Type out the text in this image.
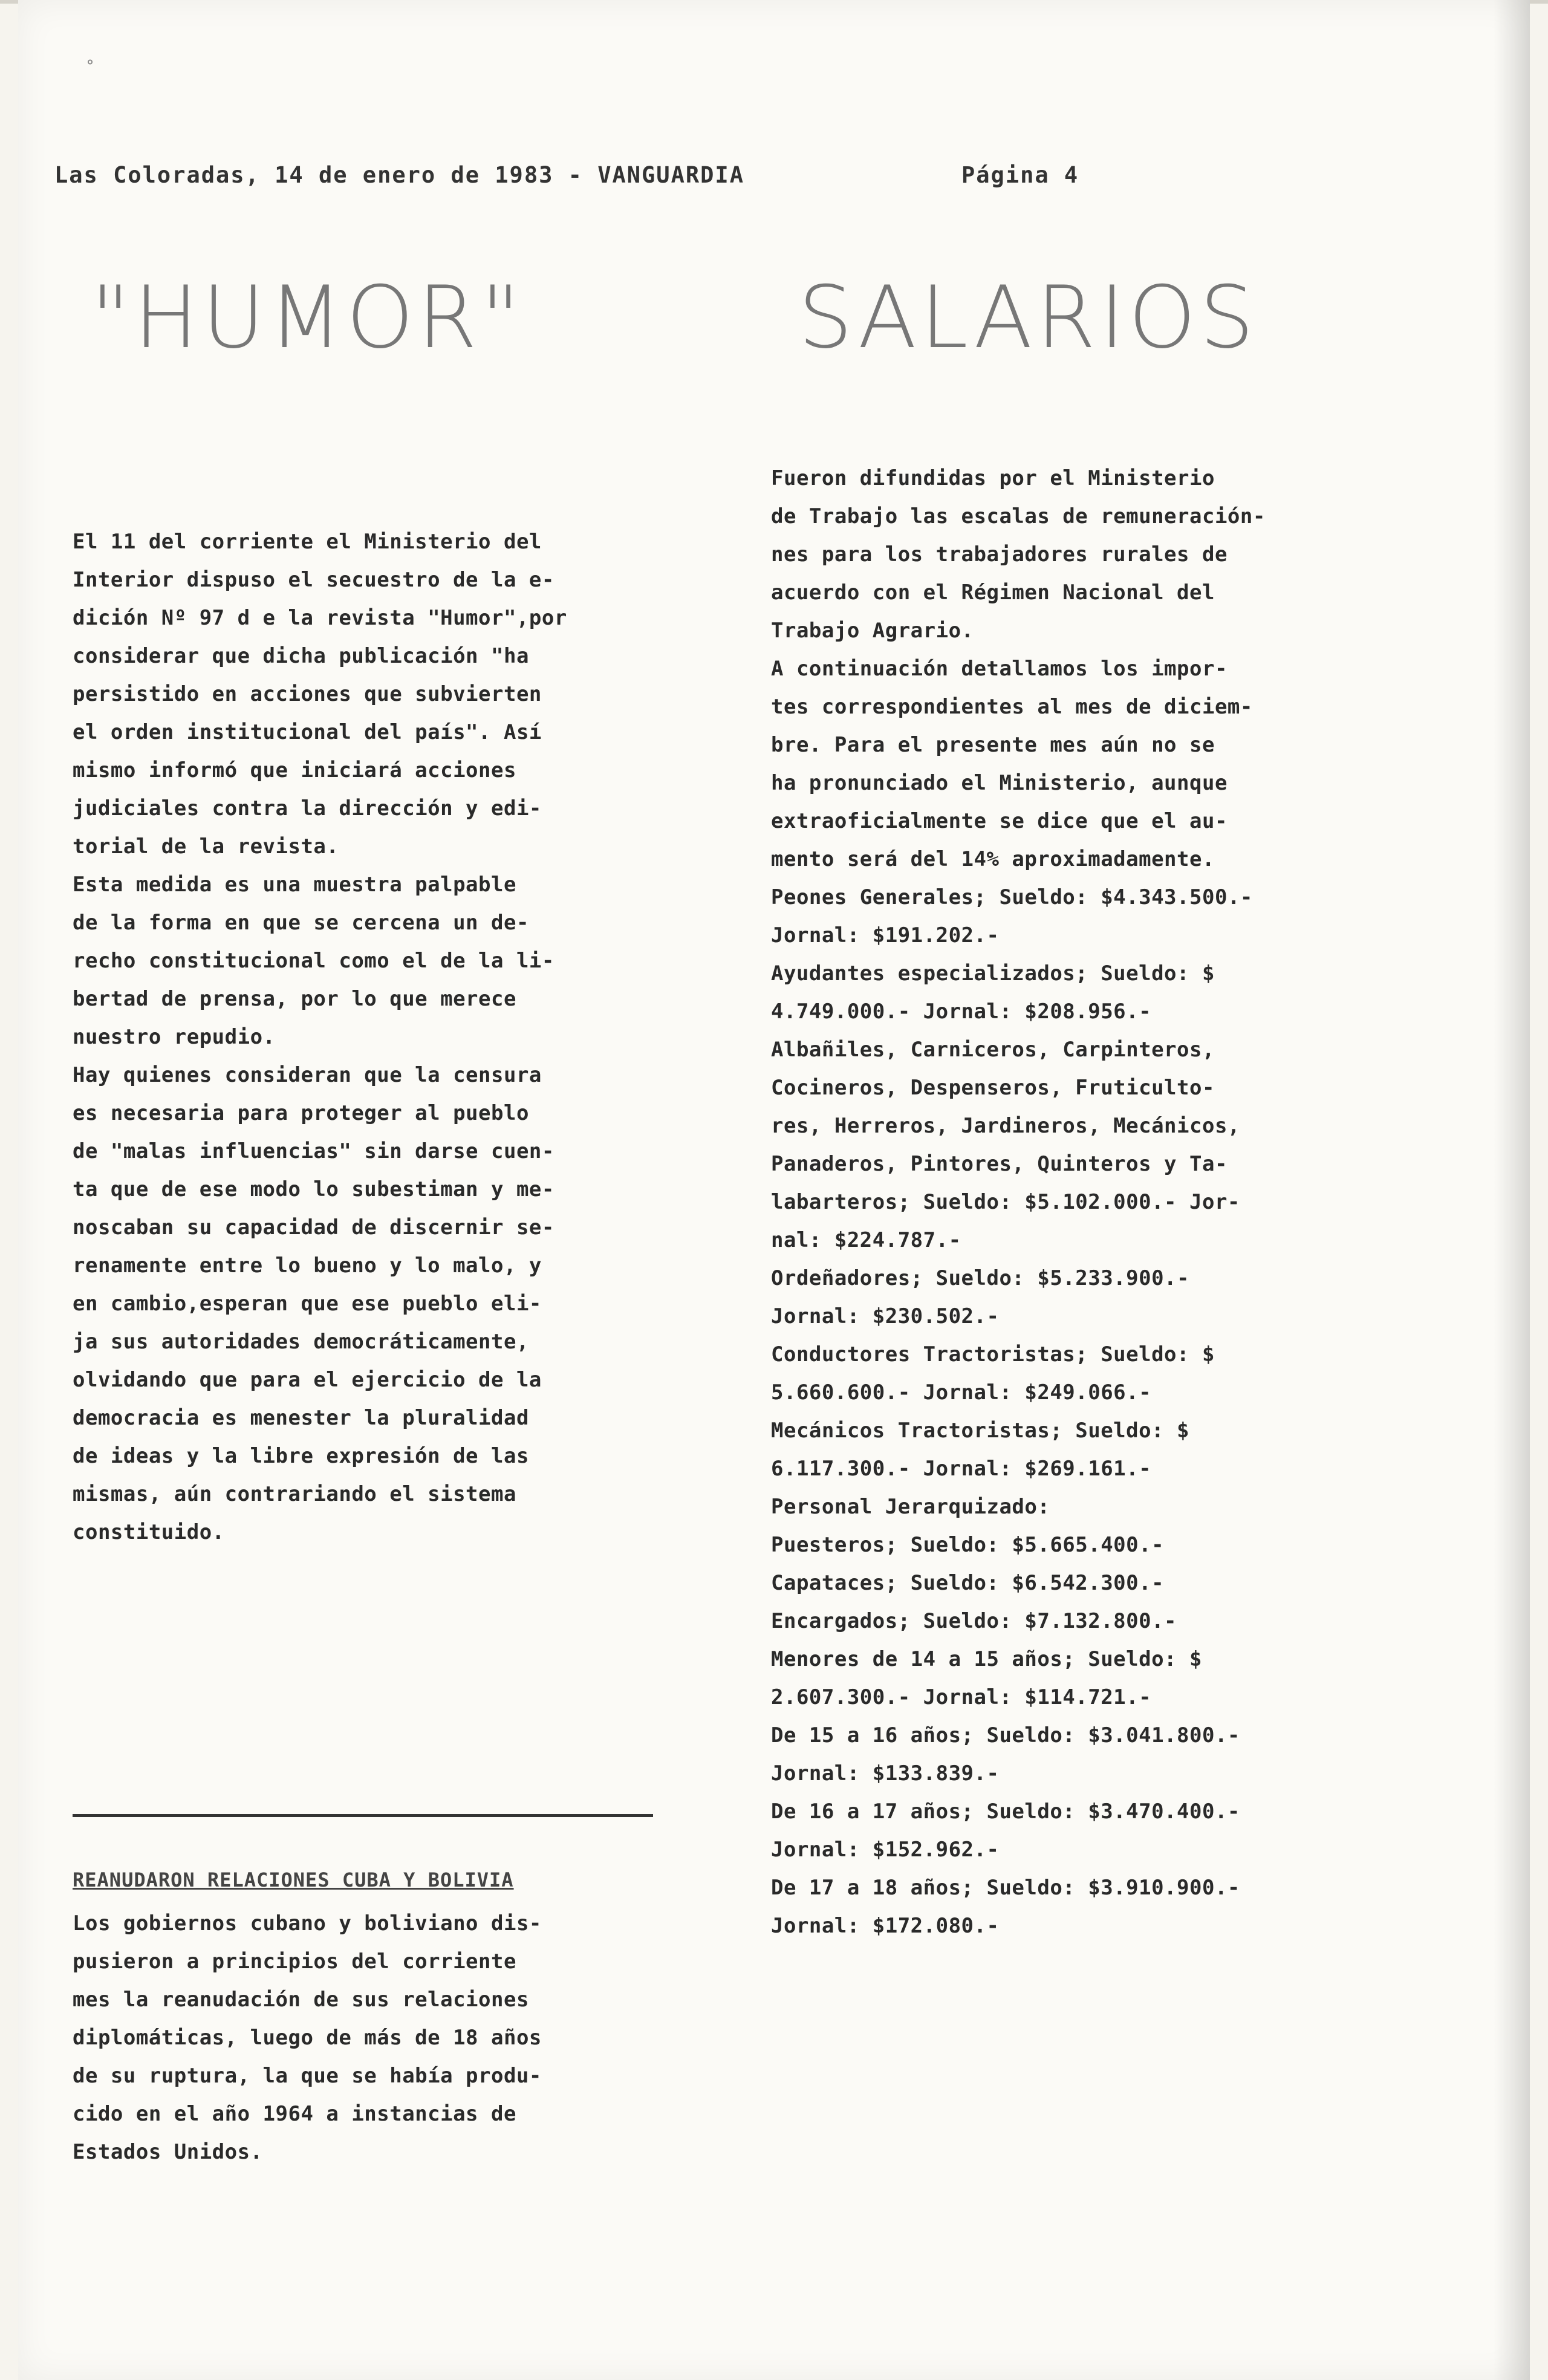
˚
Las Coloradas, 14 de enero de 1983 - VANGUARDIA	Página 4
"HUMOR"	SALARIOS

El 11 del corriente el Ministerio del

Interior dispuso el secuestro de la e-

dición Nº 97 d e la revista "Humor",por

considerar que dicha publicación "ha

persistido en acciones que subvierten

el orden institucional del país". Así

mismo informó que iniciará acciones

judiciales contra la dirección y edi-

torial de la revista.

Esta medida es una muestra palpable

de la forma en que se cercena un de-

recho constitucional como el de la li-

bertad de prensa, por lo que merece

nuestro repudio.

Hay quienes consideran que la censura

es necesaria para proteger al pueblo

de "malas influencias" sin darse cuen-

ta que de ese modo lo subestiman y me-

noscaban su capacidad de discernir se-

renamente entre lo bueno y lo malo, y

en cambio,esperan que ese pueblo eli-

ja sus autoridades democráticamente,

olvidando que para el ejercicio de la

democracia es menester la pluralidad

de ideas y la libre expresión de las

mismas, aún contrariando el sistema

constituido.

REANUDARON RELACIONES CUBA Y BOLIVIA

Los gobiernos cubano y boliviano dis-

pusieron a principios del corriente

mes la reanudación de sus relaciones

diplomáticas, luego de más de 18 años

de su ruptura, la que se había produ-

cido en el año 1964 a instancias de

Estados Unidos.

Fueron difundidas por el Ministerio

de Trabajo las escalas de remuneración-

nes para los trabajadores rurales de

acuerdo con el Régimen Nacional del

Trabajo Agrario.

A continuación detallamos los impor-

tes correspondientes al mes de diciem-

bre. Para el presente mes aún no se

ha pronunciado el Ministerio, aunque

extraoficialmente se dice que el au-

mento será del 14% aproximadamente.

Peones Generales; Sueldo: $4.343.500.-

Jornal: $191.202.-

Ayudantes especializados; Sueldo: $

4.749.000.- Jornal: $208.956.-

Albañiles, Carniceros, Carpinteros,

Cocineros, Despenseros, Fruticulto-

res, Herreros, Jardineros, Mecánicos,

Panaderos, Pintores, Quinteros y Ta-

labarteros; Sueldo: $5.102.000.- Jor-

nal: $224.787.-

Ordeñadores; Sueldo: $5.233.900.-

Jornal: $230.502.-

Conductores Tractoristas; Sueldo: $

5.660.600.- Jornal: $249.066.-

Mecánicos Tractoristas; Sueldo: $

6.117.300.- Jornal: $269.161.-

Personal Jerarquizado:

Puesteros; Sueldo: $5.665.400.-

Capataces; Sueldo: $6.542.300.-

Encargados; Sueldo: $7.132.800.-

Menores de 14 a 15 años; Sueldo: $

2.607.300.- Jornal: $114.721.-

De 15 a 16 años; Sueldo: $3.041.800.-

Jornal: $133.839.-

De 16 a 17 años; Sueldo: $3.470.400.-

Jornal: $152.962.-

De 17 a 18 años; Sueldo: $3.910.900.-

Jornal: $172.080.-
